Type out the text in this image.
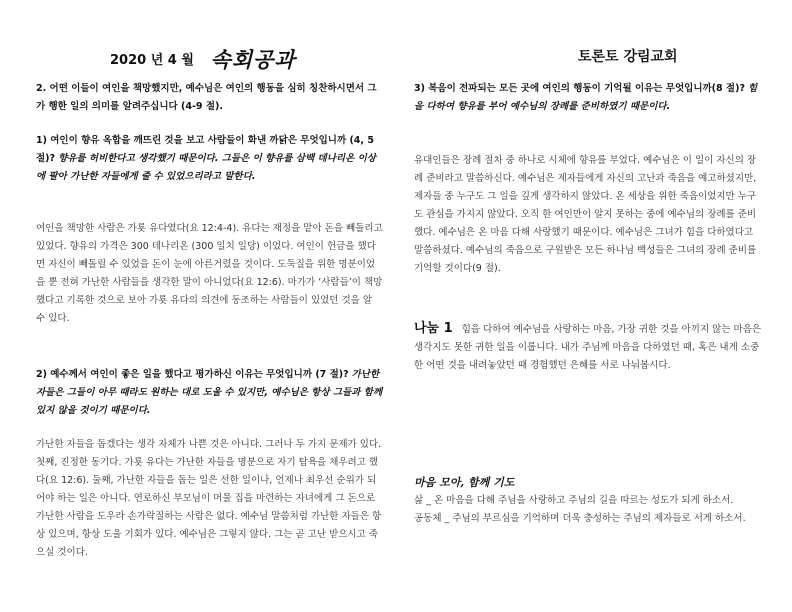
2020 년 4 월 속회공과	토론토 강림교회
2. 어떤 이들이 여인을 책망했지만, 예수님은 여인의 행동을 심히 칭찬하시면서 그가 행한 일의 의미를 알려주십니다 (4-9 절).
1) 여인이 향유 옥합을 깨뜨린 것을 보고 사람들이 화낸 까닭은 무엇입니까 (4, 5 절)? 향유를 허비한다고 생각했기 때문이다. 그들은 이 향유를 삼백 데나리온 이상에 팔아 가난한 자들에게 줄 수 있었으리라고 말한다.
여인을 책망한 사람은 가룟 유다였다(요 12:4-4). 유다는 재정을 맡아 돈을 빼돌리고 있었다. 향유의 가격은 300 데나리온 (300 일치 일당) 이었다. 여인이 헌금을 했다면 자신이 빼돌릴 수 있었을 돈이 눈에 아른거렸을 것이다. 도둑질을 위한 명분이었을 뿐 전혀 가난한 사람들을 생각한 말이 아니었다(요 12:6). 마가가 ‘사람들’이 책망했다고 기록한 것으로 보아 가룟 유다의 의견에 동조하는 사람들이 있었던 것을 알 수 있다.
2) 예수께서 여인이 좋은 일을 했다고 평가하신 이유는 무엇입니까 (7 절)? 가난한 자들은 그들이 아무 때라도 원하는 대로 도울 수 있지만, 예수님은 항상 그들과 함께 있지 않을 것이기 때문이다.
가난한 자들을 돕겠다는 생각 자체가 나쁜 것은 아니다. 그러나 두 가지 문제가 있다. 첫째, 진정한 동기다. 가룟 유다는 가난한 자들을 명분으로 자기 탐욕을 채우려고 했다(요 12:6). 둘째, 가난한 자들을 돕는 일은 선한 일이나, 언제나 최우선 순위가 되어야 하는 일은 아니다. 연로하신 부모님이 머물 집을 마련하는 자녀에게 그 돈으로 가난한 사람을 도우라 손가락질하는 사람은 없다. 예수님 말씀처럼 가난한 자들은 항상 있으며, 항상 도울 기회가 있다. 예수님은 그렇지 않다. 그는 곧 고난 받으시고 죽으실 것이다.
3) 복음이 전파되는 모든 곳에 여인의 행동이 기억될 이유는 무엇입니까(8 절)? 힘을 다하여 향유를 부어 예수님의 장례를 준비하였기 때문이다.
유대인들은 장례 절차 중 하나로 시체에 향유를 부었다. 예수님은 이 일이 자신의 장례 준비라고 말씀하신다. 예수님은 제자들에게 자신의 고난과 죽음을 예고하셨지만, 제자들 중 누구도 그 일을 깊게 생각하지 않았다. 온 세상을 위한 죽음이었지만 누구도 관심을 가지지 않았다. 오직 한 여인만이 알지 못하는 중에 예수님의 장례를 준비했다. 예수님은 온 마음 다해 사랑했기 때문이다. 예수님은 그녀가 힘을 다하였다고 말씀하셨다. 예수님의 죽음으로 구원받은 모든 하나님 백성들은 그녀의 장례 준비를 기억할 것이다(9 절).
나눔 1 힘을 다하여 예수님을 사랑하는 마음, 가장 귀한 것을 아끼지 않는 마음은 생각지도 못한 귀한 일을 이룹니다. 내가 주님께 마음을 다하였던 때, 혹은 내게 소중한 어떤 것을 내려놓았던 때 경험했던 은혜를 서로 나눠봅시다.
마음 모아, 함께 기도
삶 _ 온 마음을 다해 주님을 사랑하고 주님의 길을 따르는 성도가 되게 하소서.
공동체 _ 주님의 부르심을 기억하며 더욱 충성하는 주님의 제자들로 서게 하소서.
